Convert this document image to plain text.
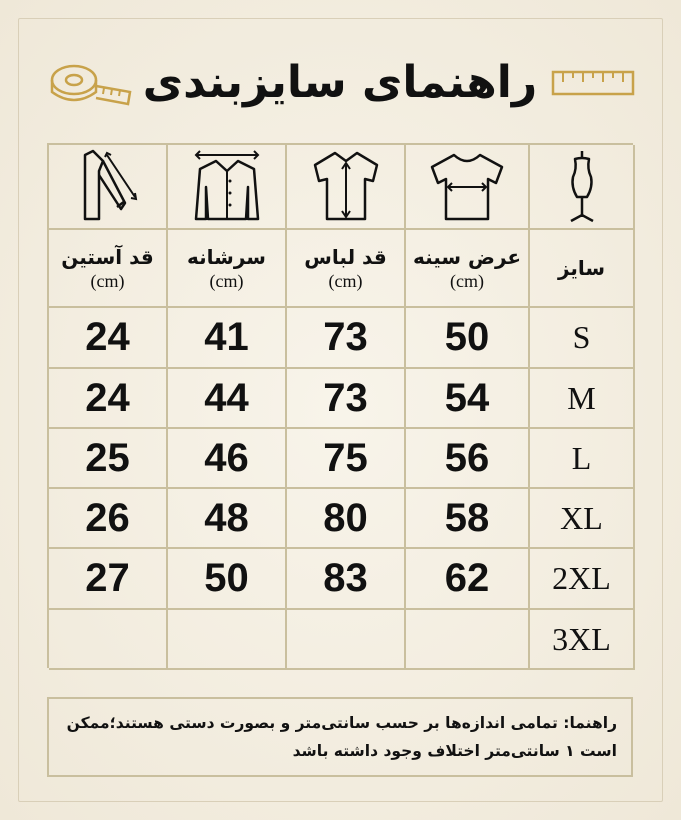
راهنمای سایزبندی
قد آستین
(cm)
سرشانه
(cm)
قد لباس
(cm)
عرض سینه
(cm)
سایز
24 41 73 50	S
24 44 73 54 M
25 46 75 56	L
26 48 80 58 XL
27 50 83 62 2XL
3XL
راهنما: تمامی اندازه‌ها بر حسب سانتی‌متر و بصورت دستی هستند؛ممکن
است ۱ سانتی‌متر اختلاف وجود داشته باشد
